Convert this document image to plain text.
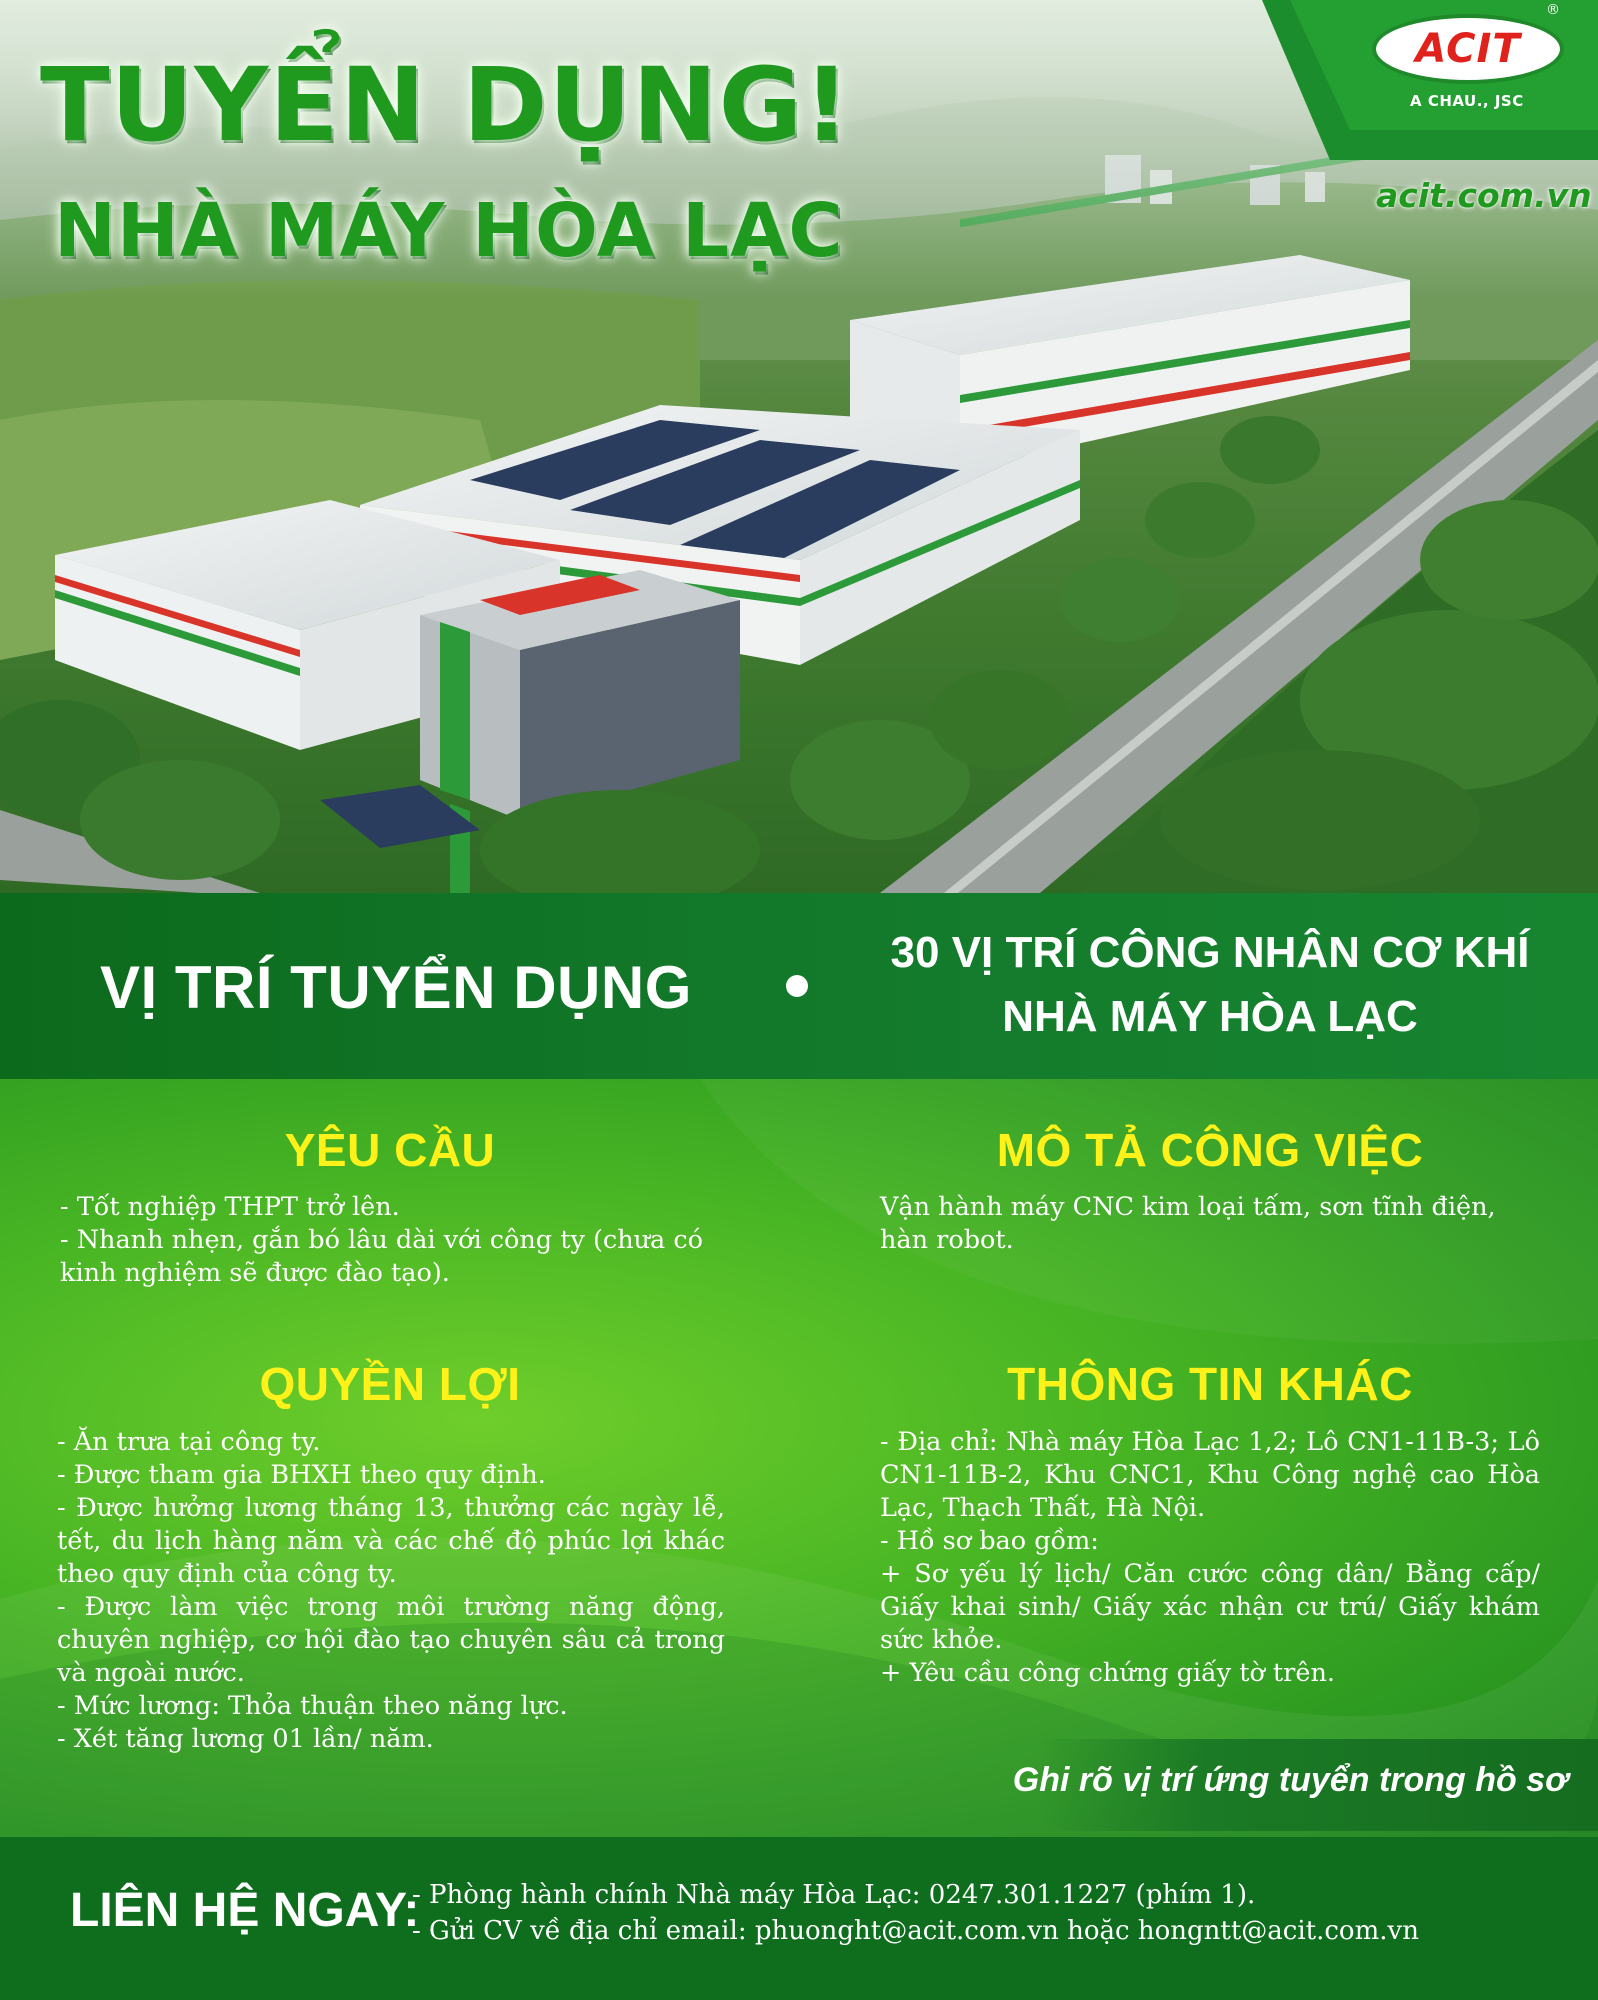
TUYỂN DỤNG!
NHÀ MÁY HÒA LẠC
ACIT
®
A CHAU., JSC
acit.com.vn
VỊ TRÍ TUYỂN DỤNG
30 VỊ TRÍ CÔNG NHÂN CƠ KHÍ
NHÀ MÁY HÒA LẠC
YÊU CẦU
- Tốt nghiệp THPT trở lên.
- Nhanh nhẹn, gắn bó lâu dài với công ty (chưa có kinh nghiệm sẽ được đào tạo).
MÔ TẢ CÔNG VIỆC
Vận hành máy CNC kim loại tấm, sơn tĩnh điện, hàn robot.
QUYỀN LỢI
- Ăn trưa tại công ty.
- Được tham gia BHXH theo quy định.
- Được hưởng lương tháng 13, thưởng các ngày lễ, tết, du lịch hàng năm và các chế độ phúc lợi khác theo quy định của công ty.
- Được làm việc trong môi trường năng động, chuyên nghiệp, cơ hội đào tạo chuyên sâu cả trong và ngoài nước.
- Mức lương: Thỏa thuận theo năng lực.
- Xét tăng lương 01 lần/ năm.
THÔNG TIN KHÁC
- Địa chỉ: Nhà máy Hòa Lạc 1,2; Lô CN1-11B-3; Lô CN1-11B-2, Khu CNC1, Khu Công nghệ cao Hòa Lạc, Thạch Thất, Hà Nội.
- Hồ sơ bao gồm:
+ Sơ yếu lý lịch/ Căn cước công dân/ Bằng cấp/ Giấy khai sinh/ Giấy xác nhận cư trú/ Giấy khám sức khỏe.
+ Yêu cầu công chứng giấy tờ trên.
Ghi rõ vị trí ứng tuyển trong hồ sơ
LIÊN HỆ NGAY:
- Phòng hành chính Nhà máy Hòa Lạc: 0247.301.1227 (phím 1).
- Gửi CV về địa chỉ email: phuonght@acit.com.vn hoặc hongntt@acit.com.vn
